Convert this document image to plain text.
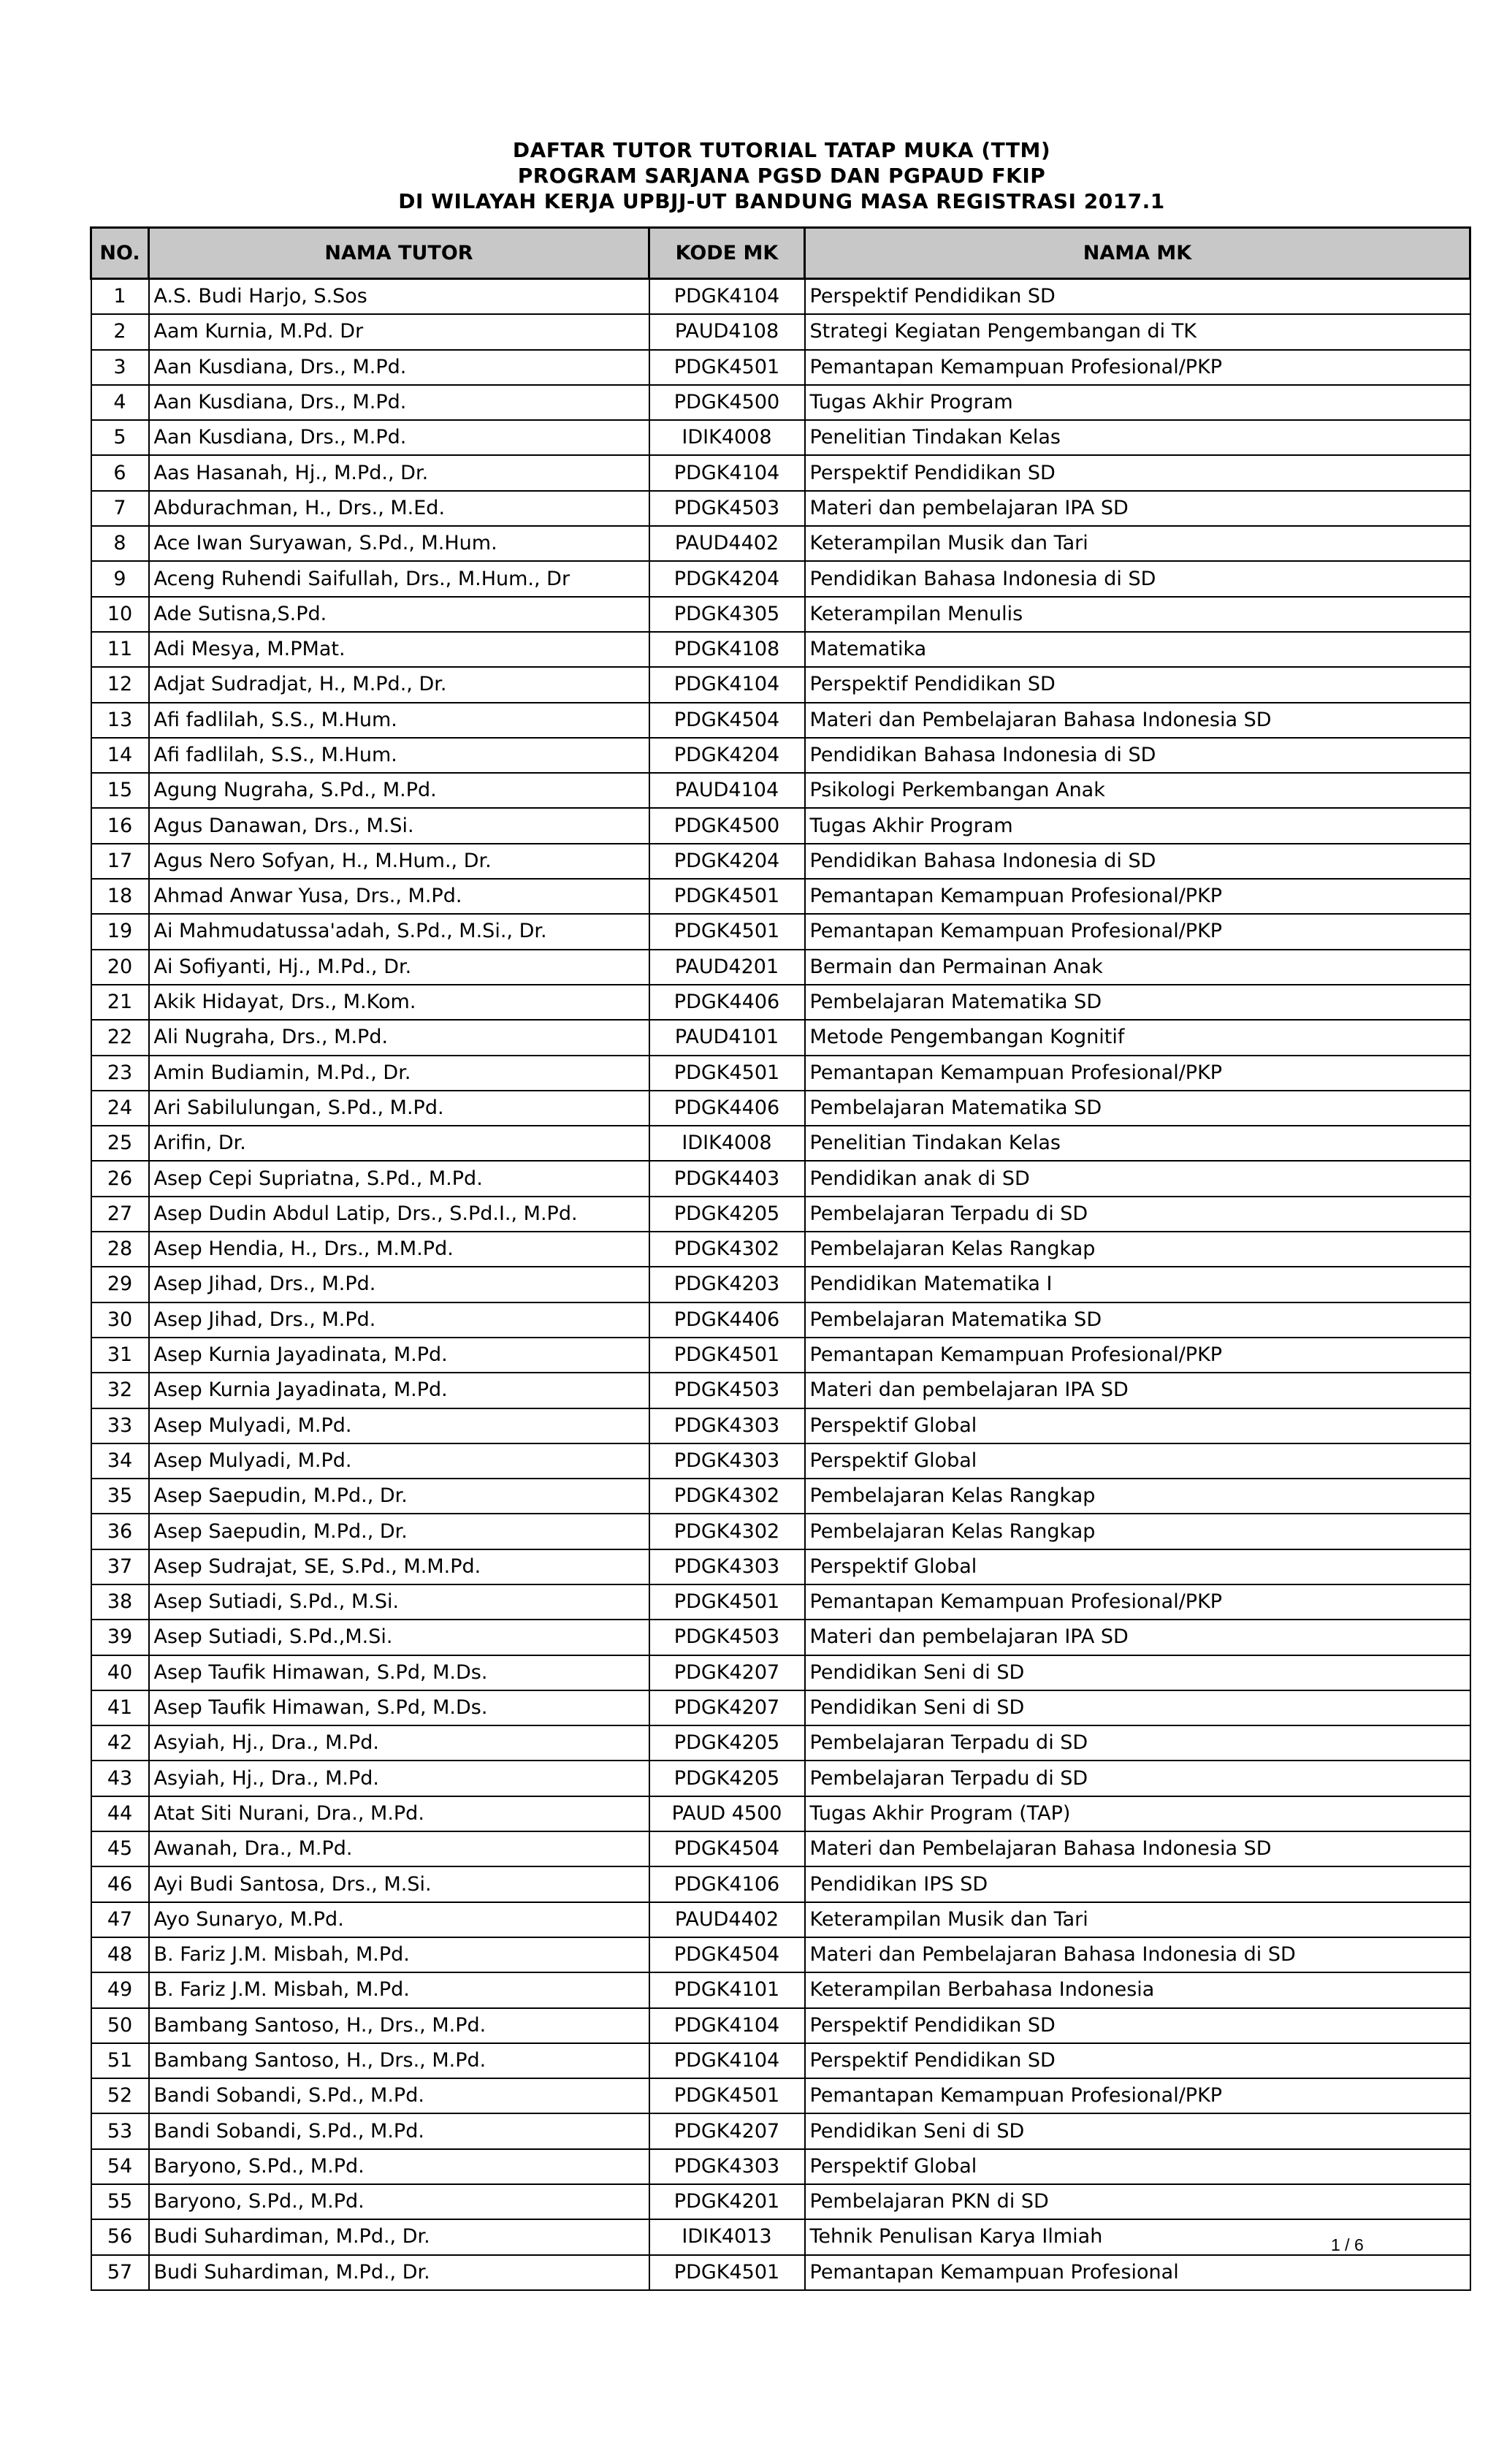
DAFTAR TUTOR TUTORIAL TATAP MUKA (TTM)
PROGRAM SARJANA PGSD DAN PGPAUD FKIP
DI WILAYAH KERJA UPBJJ-UT BANDUNG MASA REGISTRASI 2017.1
NO.	NAMA TUTOR	KODE MK	NAMA MK
1	A.S. Budi Harjo, S.Sos	PDGK4104	Perspektif Pendidikan SD
2	Aam Kurnia, M.Pd. Dr	PAUD4108	Strategi Kegiatan Pengembangan di TK
3	Aan Kusdiana, Drs., M.Pd.	PDGK4501	Pemantapan Kemampuan Profesional/PKP
4	Aan Kusdiana, Drs., M.Pd.	PDGK4500	Tugas Akhir Program
5	Aan Kusdiana, Drs., M.Pd.	IDIK4008	Penelitian Tindakan Kelas
6	Aas Hasanah, Hj., M.Pd., Dr.	PDGK4104	Perspektif Pendidikan SD
7	Abdurachman, H., Drs., M.Ed.	PDGK4503	Materi dan pembelajaran IPA SD
8	Ace Iwan Suryawan, S.Pd., M.Hum.	PAUD4402	Keterampilan Musik dan Tari
9	Aceng Ruhendi Saifullah, Drs., M.Hum., Dr	PDGK4204	Pendidikan Bahasa Indonesia di SD
10	Ade Sutisna,S.Pd.	PDGK4305	Keterampilan Menulis
11	Adi Mesya, M.PMat.	PDGK4108	Matematika
12	Adjat Sudradjat, H., M.Pd., Dr.	PDGK4104	Perspektif Pendidikan SD
13	Afi fadlilah, S.S., M.Hum.	PDGK4504	Materi dan Pembelajaran Bahasa Indonesia SD
14	Afi fadlilah, S.S., M.Hum.	PDGK4204	Pendidikan Bahasa Indonesia di SD
15	Agung Nugraha, S.Pd., M.Pd.	PAUD4104	Psikologi Perkembangan Anak
16	Agus Danawan, Drs., M.Si.	PDGK4500	Tugas Akhir Program
17	Agus Nero Sofyan, H., M.Hum., Dr.	PDGK4204	Pendidikan Bahasa Indonesia di SD
18	Ahmad Anwar Yusa, Drs., M.Pd.	PDGK4501	Pemantapan Kemampuan Profesional/PKP
19	Ai Mahmudatussa'adah, S.Pd., M.Si., Dr.	PDGK4501	Pemantapan Kemampuan Profesional/PKP
20	Ai Sofiyanti, Hj., M.Pd., Dr.	PAUD4201	Bermain dan Permainan Anak
21	Akik Hidayat, Drs., M.Kom.	PDGK4406	Pembelajaran Matematika SD
22	Ali Nugraha, Drs., M.Pd.	PAUD4101	Metode Pengembangan Kognitif
23	Amin Budiamin, M.Pd., Dr.	PDGK4501	Pemantapan Kemampuan Profesional/PKP
24	Ari Sabilulungan, S.Pd., M.Pd.	PDGK4406	Pembelajaran Matematika SD
25	Arifin, Dr.	IDIK4008	Penelitian Tindakan Kelas
26	Asep Cepi Supriatna, S.Pd., M.Pd.	PDGK4403	Pendidikan anak di SD
27	Asep Dudin Abdul Latip, Drs., S.Pd.I., M.Pd.	PDGK4205	Pembelajaran Terpadu di SD
28	Asep Hendia, H., Drs., M.M.Pd.	PDGK4302	Pembelajaran Kelas Rangkap
29	Asep Jihad, Drs., M.Pd.	PDGK4203	Pendidikan Matematika I
30	Asep Jihad, Drs., M.Pd.	PDGK4406	Pembelajaran Matematika SD
31	Asep Kurnia Jayadinata, M.Pd.	PDGK4501	Pemantapan Kemampuan Profesional/PKP
32	Asep Kurnia Jayadinata, M.Pd.	PDGK4503	Materi dan pembelajaran IPA SD
33	Asep Mulyadi, M.Pd.	PDGK4303	Perspektif Global
34	Asep Mulyadi, M.Pd.	PDGK4303	Perspektif Global
35	Asep Saepudin, M.Pd., Dr.	PDGK4302	Pembelajaran Kelas Rangkap
36	Asep Saepudin, M.Pd., Dr.	PDGK4302	Pembelajaran Kelas Rangkap
37	Asep Sudrajat, SE, S.Pd., M.M.Pd.	PDGK4303	Perspektif Global
38	Asep Sutiadi, S.Pd., M.Si.	PDGK4501	Pemantapan Kemampuan Profesional/PKP
39	Asep Sutiadi, S.Pd.,M.Si.	PDGK4503	Materi dan pembelajaran IPA SD
40	Asep Taufik Himawan, S.Pd, M.Ds.	PDGK4207	Pendidikan Seni di SD
41	Asep Taufik Himawan, S.Pd, M.Ds.	PDGK4207	Pendidikan Seni di SD
42	Asyiah, Hj., Dra., M.Pd.	PDGK4205	Pembelajaran Terpadu di SD
43	Asyiah, Hj., Dra., M.Pd.	PDGK4205	Pembelajaran Terpadu di SD
44	Atat Siti Nurani, Dra., M.Pd.	PAUD 4500	Tugas Akhir Program (TAP)
45	Awanah, Dra., M.Pd.	PDGK4504	Materi dan Pembelajaran Bahasa Indonesia SD
46	Ayi Budi Santosa, Drs., M.Si.	PDGK4106	Pendidikan IPS SD
47	Ayo Sunaryo, M.Pd.	PAUD4402	Keterampilan Musik dan Tari
48	B. Fariz J.M. Misbah, M.Pd.	PDGK4504	Materi dan Pembelajaran Bahasa Indonesia di SD
49	B. Fariz J.M. Misbah, M.Pd.	PDGK4101	Keterampilan Berbahasa Indonesia
50	Bambang Santoso, H., Drs., M.Pd.	PDGK4104	Perspektif Pendidikan SD
51	Bambang Santoso, H., Drs., M.Pd.	PDGK4104	Perspektif Pendidikan SD
52	Bandi Sobandi, S.Pd., M.Pd.	PDGK4501	Pemantapan Kemampuan Profesional/PKP
53	Bandi Sobandi, S.Pd., M.Pd.	PDGK4207	Pendidikan Seni di SD
54	Baryono, S.Pd., M.Pd.	PDGK4303	Perspektif Global
55	Baryono, S.Pd., M.Pd.	PDGK4201	Pembelajaran PKN di SD
56	Budi Suhardiman, M.Pd., Dr.	IDIK4013	Tehnik Penulisan Karya Ilmiah
57	Budi Suhardiman, M.Pd., Dr.	PDGK4501	Pemantapan Kemampuan Profesional
1 / 6
